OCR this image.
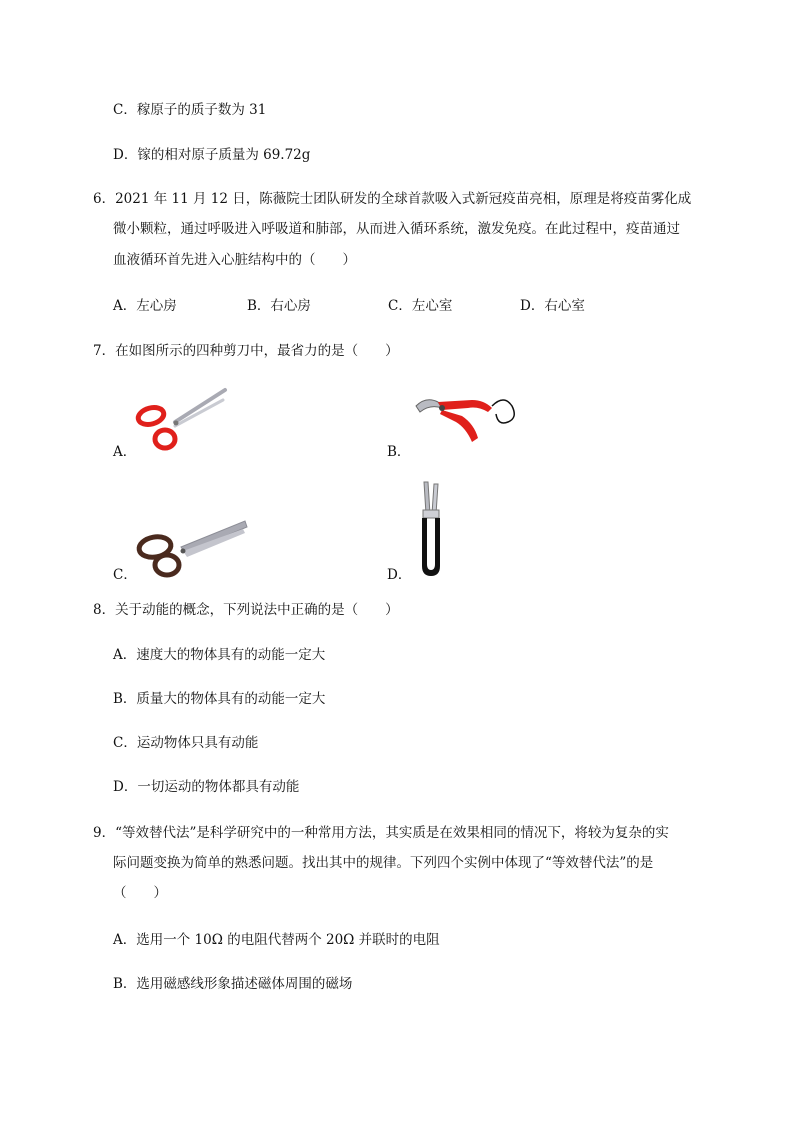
C．稼原子的质子数为 31
D．镓的相对原子质量为 69.72g
6．2021 年 11 月 12 日，陈薇院士团队研发的全球首款吸入式新冠疫苗亮相，原理是将疫苗雾化成
微小颗粒，通过呼吸进入呼吸道和肺部，从而进入循环系统，激发免疫。在此过程中，疫苗通过
血液循环首先进入心脏结构中的（　　）
A．左心房	B．右心房	C．左心室	D．右心室
7．在如图所示的四种剪刀中，最省力的是（　　）
A．	B．
C．	D．
8．关于动能的概念，下列说法中正确的是（　　）
A．速度大的物体具有的动能一定大
B．质量大的物体具有的动能一定大
C．运动物体只具有动能
D．一切运动的物体都具有动能
9．“等效替代法”是科学研究中的一种常用方法，其实质是在效果相同的情况下，将较为复杂的实
际问题变换为简单的熟悉问题。找出其中的规律。下列四个实例中体现了“等效替代法”的是
（　　）
A．选用一个 10Ω 的电阻代替两个 20Ω 并联时的电阻
B．选用磁感线形象描述磁体周围的磁场
